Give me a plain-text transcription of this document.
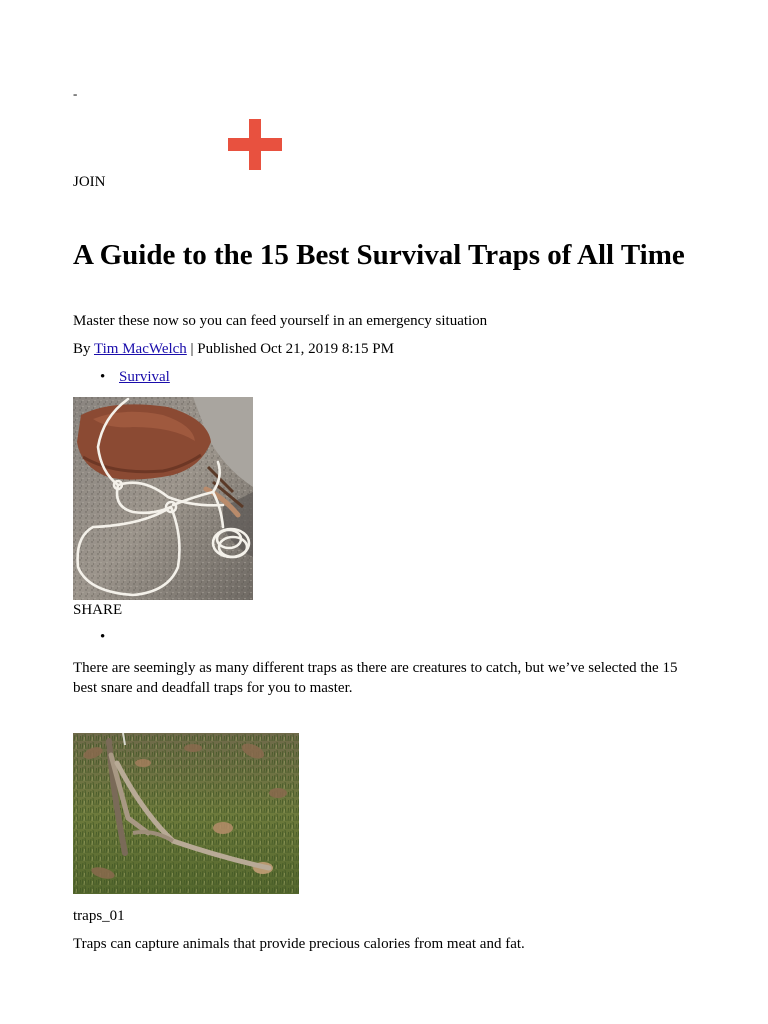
-
JOIN
A Guide to the 15 Best Survival Traps of All Time
Master these now so you can feed yourself in an emergency situation
By Tim MacWelch | Published Oct 21, 2019 8:15 PM
• Survival
SHARE
•
There are seemingly as many different traps as there are creatures to catch, but we’ve selected the 15 best snare and deadfall traps for you to master.
traps_01
Traps can capture animals that provide precious calories from meat and fat.
